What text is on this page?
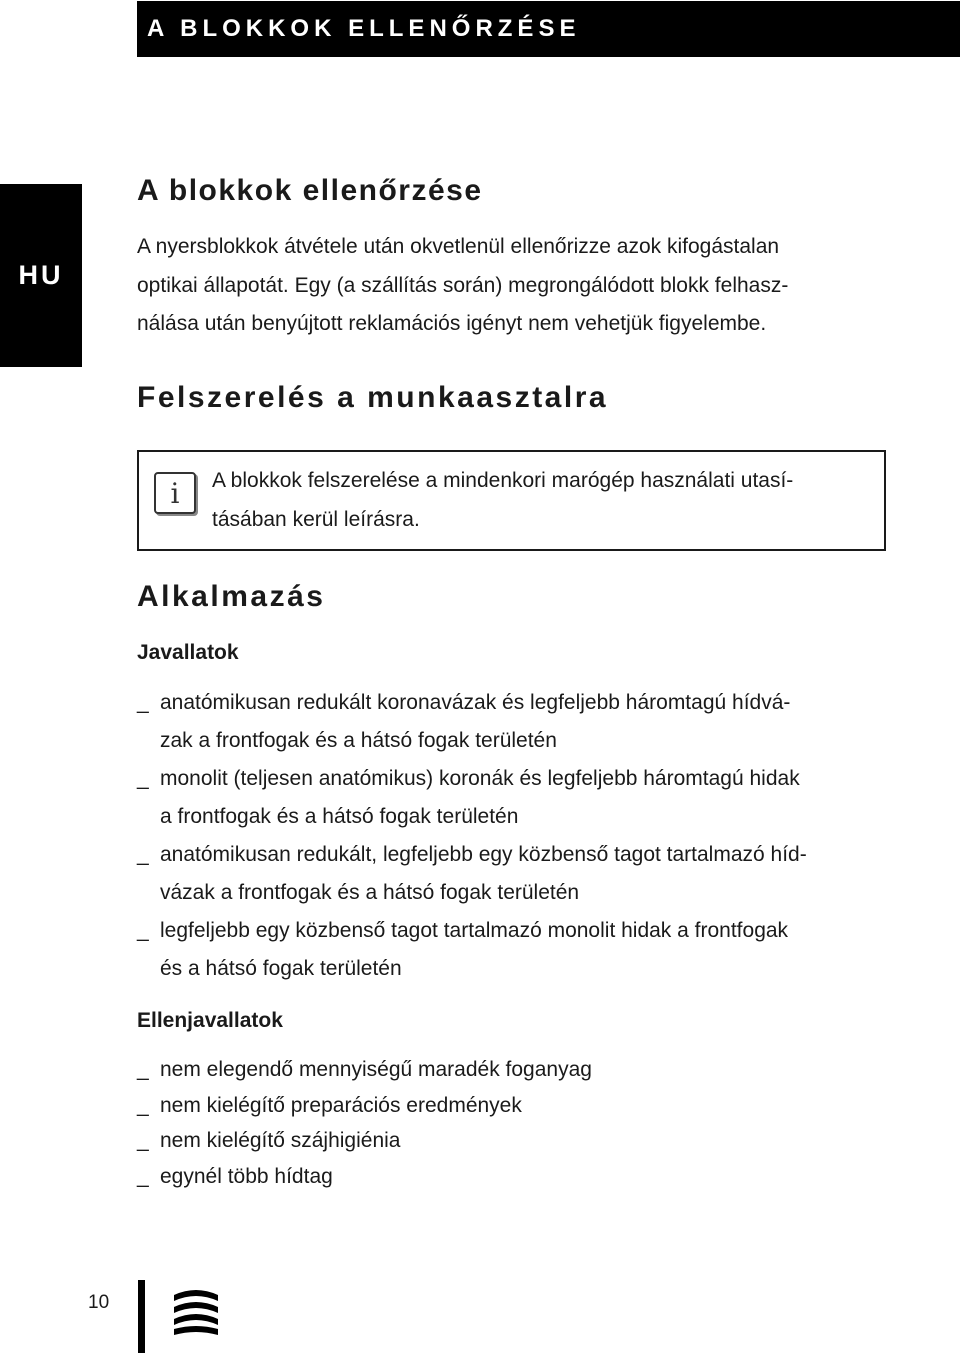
A BLOKKOK ELLENŐRZÉSE
HU
A blokkok ellenőrzése

A nyersblokkok átvétele után okvetlenül ellenőrizze azok kifogástalan

optikai állapotát. Egy (a szállítás során) megrongálódott blokk felhasz-

nálása után benyújtott reklamációs igényt nem vehetjük figyelembe.

Felszerelés a munkaasztalra
Alkalmazás
Javallatok
_ anatómikusan redukált koronavázak és legfeljebb háromtagú hídvá-
zak a frontfogak és a hátsó fogak területén
_ monolit (teljesen anatómikus) koronák és legfeljebb háromtagú hidak
a frontfogak és a hátsó fogak területén
_ anatómikusan redukált, legfeljebb egy közbenső tagot tartalmazó híd-
vázak a frontfogak és a hátsó fogak területén
_ legfeljebb egy közbenső tagot tartalmazó monolit hidak a frontfogak
és a hátsó fogak területén
Ellenjavallatok
_ nem elegendő mennyiségű maradék foganyag
_ nem kielégítő preparációs eredmények
_ nem kielégítő szájhigiénia
_ egynél több hídtag
i	A blokkok felszerelése a mindenkori marógép használati utasí-

tásában kerül leírásra.

10
